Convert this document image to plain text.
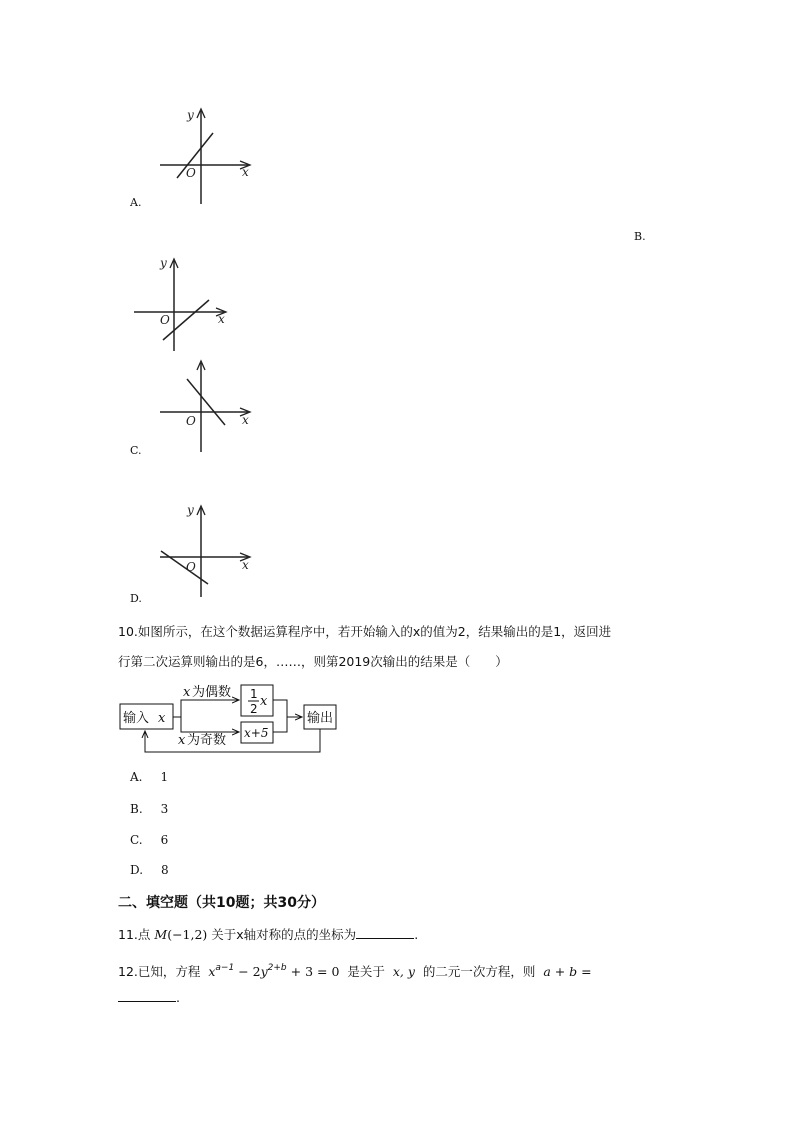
y
x
O
A.
B.
y
x
O
x
O
C.
y
x
O
D.
10.如图所示，在这个数据运算程序中，若开始输入的x的值为2，结果输出的是1，返回进
行第二次运算则输出的是6，……，则第2019次输出的结果是（　　）
输入 x
x 为偶数 1
2 x
x+5
x 为奇数
输出
A. 1
B. 3
C. 6
D. 8
二、填空题（共10题；共30分）
11.点 M(−1,2) 关于x轴对称的点的坐标为	.
12.已知，方程 $x^{a-1} - 2y^{2+b} + 3 = 0$ 是关于 x, y 的二元一次方程，则 a + b =
.
